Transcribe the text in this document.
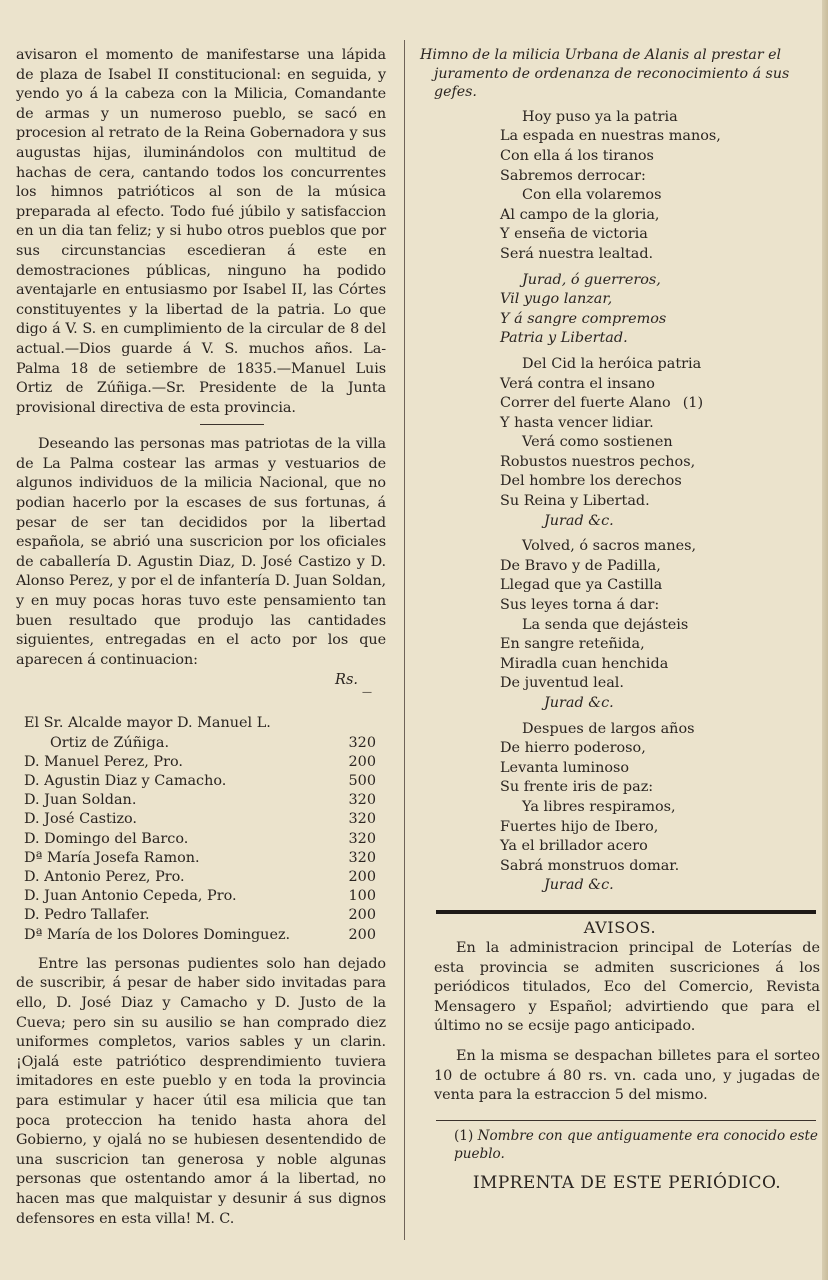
avisaron el momento de manifestarse una lápida de plaza de Isabel II constitucional: en seguida, y yendo yo á la cabeza con la Milicia, Comandante de armas y un numeroso pueblo, se sacó en procesion al retrato de la Reina Gobernadora y sus augustas hijas, iluminándolos con multitud de hachas de cera, cantando todos los concurrentes los himnos patrióticos al son de la música preparada al efecto. Todo fué júbilo y satisfaccion en un dia tan feliz; y si hubo otros pueblos que por sus circunstancias escedieran á este en demostraciones públicas, ninguno ha podido aventajarle en entusiasmo por Isabel II, las Córtes constituyentes y la libertad de la patria. Lo que digo á V. S. en cumplimiento de la circular de 8 del actual.—Dios guarde á V. S. muchos años. La-Palma 18 de setiembre de 1835.—Manuel Luis Ortiz de Zúñiga.—Sr. Presidente de la Junta provisional directiva de esta provincia.

Deseando las personas mas patriotas de la villa de La Palma costear las armas y vestuarios de algunos individuos de la milicia Nacional, que no podian hacerlo por la escases de sus fortunas, á pesar de ser tan decididos por la libertad española, se abrió una suscricion por los oficiales de caballería D. Agustin Diaz, D. José Castizo y D. Alonso Perez, y por el de infantería D. Juan Soldan, y en muy pocas horas tuvo este pensamiento tan buen resultado que produjo las cantidades siguientes, entregadas en el acto por los que aparecen á continuacion:

Rs.
—
El Sr. Alcalde mayor D. Manuel L.	
Ortiz de Zúñiga.	320
D. Manuel Perez, Pro.	200
D. Agustin Diaz y Camacho.	500
D. Juan Soldan.	320
D. José Castizo.	320
D. Domingo del Barco.	320
Dª María Josefa Ramon.	320
D. Antonio Perez, Pro.	200
D. Juan Antonio Cepeda, Pro.	100
D. Pedro Tallafer.	200
Dª María de los Dolores Dominguez.	200

Entre las personas pudientes solo han dejado de suscribir, á pesar de haber sido invitadas para ello, D. José Diaz y Camacho y D. Justo de la Cueva; pero sin su ausilio se han comprado diez uniformes completos, varios sables y un clarin. ¡Ojalá este patriótico desprendimiento tuviera imitadores en este pueblo y en toda la provincia para estimular y hacer útil esa milicia que tan poca proteccion ha tenido hasta ahora del Gobierno, y ojalá no se hubiesen desentendido de una suscricion tan generosa y noble algunas personas que ostentando amor á la libertad, no hacen mas que malquistar y desunir á sus dignos defensores en esta villa! M. C.

Himno de la milicia Urbana de Alanis al prestar el
juramento de ordenanza de reconocimiento á sus gefes.
Hoy puso ya la patria
La espada en nuestras manos,
Con ella á los tiranos
Sabremos derrocar:
Con ella volaremos
Al campo de la gloria,
Y enseña de victoria
Será nuestra lealtad.
Jurad, ó guerreros,
Vil yugo lanzar,
Y á sangre compremos
Patria y Libertad.
Del Cid la heróica patria
Verá contra el insano
Correr del fuerte Alano (1)
Y hasta vencer lidiar.
Verá como sostienen
Robustos nuestros pechos,
Del hombre los derechos
Su Reina y Libertad.
Jurad &c.
Volved, ó sacros manes,
De Bravo y de Padilla,
Llegad que ya Castilla
Sus leyes torna á dar:
La senda que dejásteis
En sangre reteñida,
Miradla cuan henchida
De juventud leal.
Jurad &c.
Despues de largos años
De hierro poderoso,
Levanta luminoso
Su frente iris de paz:
Ya libres respiramos,
Fuertes hijo de Ibero,
Ya el brillador acero
Sabrá monstruos domar.
Jurad &c.
AVISOS.

En la administracion principal de Loterías de esta provincia se admiten suscriciones á los periódicos titulados, Eco del Comercio, Revista Mensagero y Español; advirtiendo que para el último no se ecsije pago anticipado.

En la misma se despachan billetes para el sorteo 10 de octubre á 80 rs. vn. cada uno, y jugadas de venta para la estraccion 5 del mismo.

(1) Nombre con que antiguamente era conocido este pueblo.
IMPRENTA DE ESTE PERIÓDICO.
